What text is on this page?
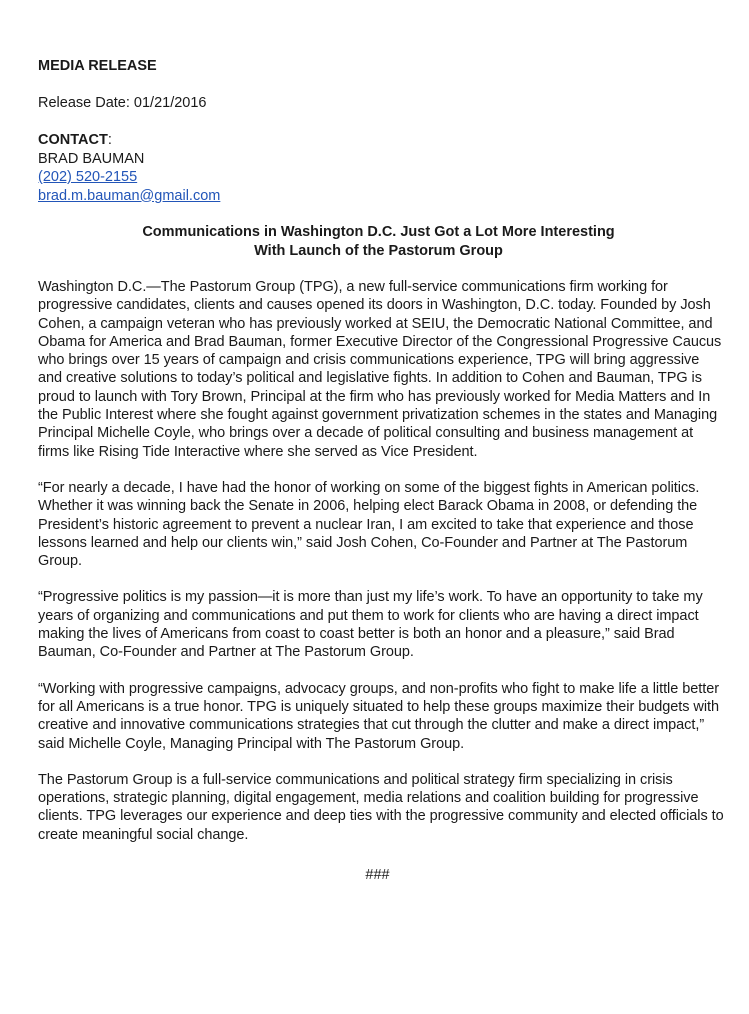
MEDIA RELEASE
Release Date: 01/21/2016
CONTACT:
BRAD BAUMAN
(202) 520-2155
brad.m.bauman@gmail.com
Communications in Washington D.C. Just Got a Lot More Interesting
With Launch of the Pastorum Group

Washington D.C.—The Pastorum Group (TPG), a new full-service communications firm working for progressive candidates, clients and causes opened its doors in Washington, D.C. today. Founded by Josh Cohen, a campaign veteran who has previously worked at SEIU, the Democratic National Committee, and Obama for America and Brad Bauman, former Executive Director of the Congressional Progressive Caucus who brings over 15 years of campaign and crisis communications experience, TPG will bring aggressive and creative solutions to today’s political and legislative fights. In addition to Cohen and Bauman, TPG is proud to launch with Tory Brown, Principal at the firm who has previously worked for Media Matters and In the Public Interest where she fought against government privatization schemes in the states and Managing Principal Michelle Coyle, who brings over a decade of political consulting and business management at firms like Rising Tide Interactive where she served as Vice President.

“For nearly a decade, I have had the honor of working on some of the biggest fights in American politics. Whether it was winning back the Senate in 2006, helping elect Barack Obama in 2008, or defending the President’s historic agreement to prevent a nuclear Iran, I am excited to take that experience and those lessons learned and help our clients win,” said Josh Cohen, Co-Founder and Partner at The Pastorum Group.

“Progressive politics is my passion—it is more than just my life’s work. To have an opportunity to take my years of organizing and communications and put them to work for clients who are having a direct impact making the lives of Americans from coast to coast better is both an honor and a pleasure,” said Brad Bauman, Co-Founder and Partner at The Pastorum Group.

“Working with progressive campaigns, advocacy groups, and non-profits who fight to make life a little better for all Americans is a true honor. TPG is uniquely situated to help these groups maximize their budgets with creative and innovative communications strategies that cut through the clutter and make a direct impact,” said Michelle Coyle, Managing Principal with The Pastorum Group.

The Pastorum Group is a full-service communications and political strategy firm specializing in crisis operations, strategic planning, digital engagement, media relations and coalition building for progressive clients. TPG leverages our experience and deep ties with the progressive community and elected officials to create meaningful social change.

###
